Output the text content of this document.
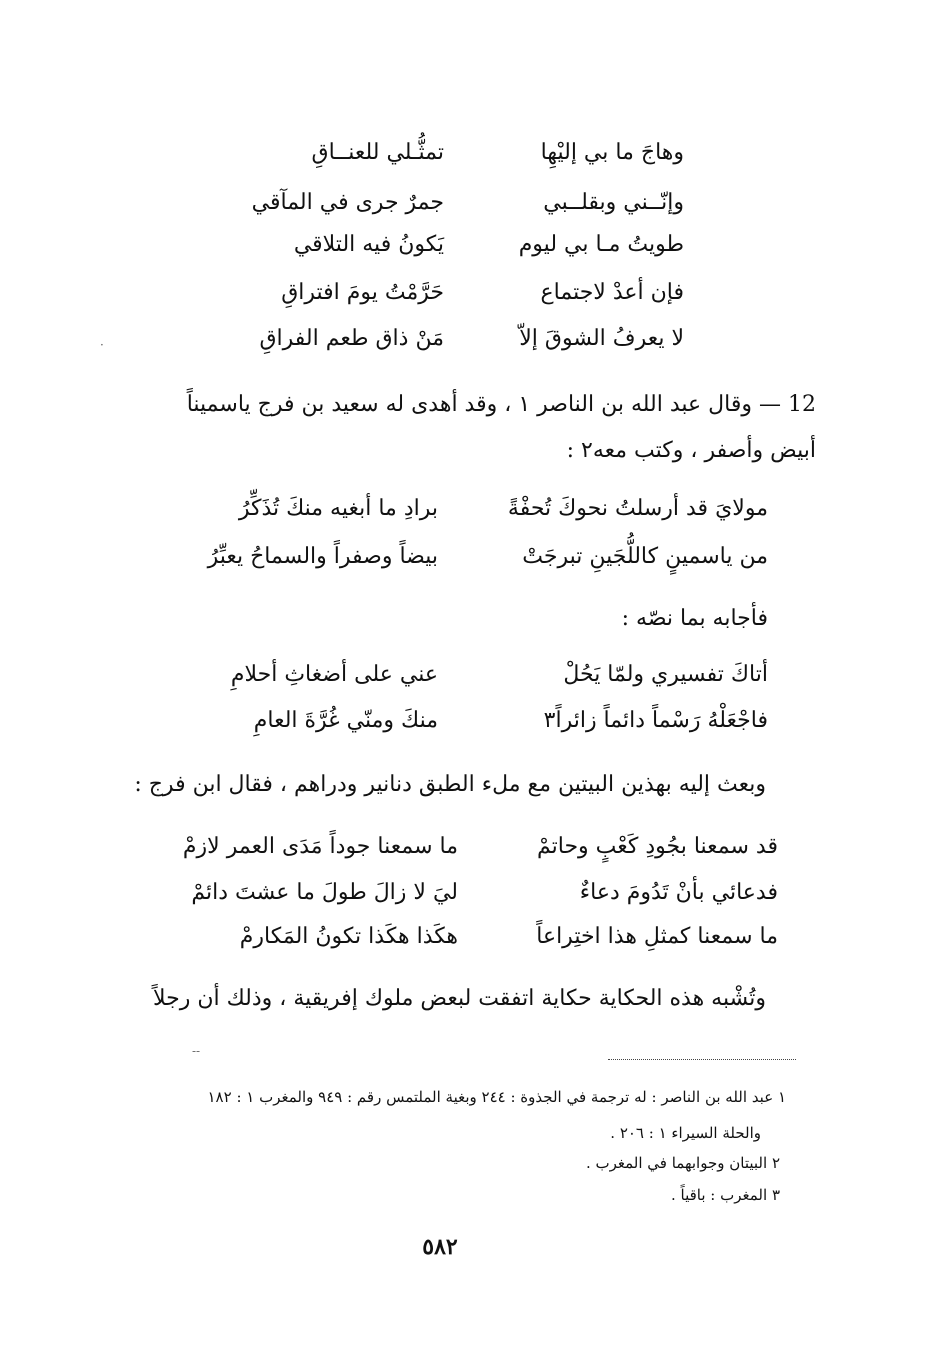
وهاجَ ما بي إليْهِا
تمثُّـلي للعنــاقِ
وإنّــني وبقلــبي
جمرٌ جرى في المآقي
طويتُ مـا بي ليوم
يَكونُ فيه التلاقي
فإن أعدْ لاجتماع
حَرَّمْتُ يومَ افتراقِ
لا يعرفُ الشوقَ إلاّ
مَنْ ذاق طعم الفراقِ
·
12 — وقال عبد الله بن الناصر ١ ، وقد أهدى له سعيد بن فرج ياسميناً
أبيض وأصفر ، وكتب معه٢ :
مولايَ قد أرسلتُ نحوكَ تُحفْةً
برادِ ما أبغيه منكَ تُذَكِّرُ
من ياسمينٍ كاللُّجَينِ تبرجَتْ
بيضاً وصفراً والسماحُ يعبِّرُ
فأجابه بما نصّه :
أتاكَ تفسيري ولمّا يَحُلْ
عني على أضغاثِ أحلامِ
فاجْعَلْهُ رَسْماً دائماً زائراً٣
منكَ ومنّي غُرَّةَ العامِ
وبعث إليه بهذين البيتين مع ملء الطبق دنانير ودراهم ، فقال ابن فرج :
قد سمعنا بجُودِ كَعْبٍ وحاتمْ
ما سمعنا جوداً مَدَى العمر لازمْ
فدعائي بأنْ تَدُومَ دعاءٌ
ليَ لا زالَ طولَ ما عشتَ دائمْ
ما سمعنا كمثلِ هذا اختِراعاً
هكَذا هكَذا تكونُ المَكارمْ
وتُشْبه هذه الحكاية حكاية اتفقت لبعض ملوك إفريقية ، وذلك أن رجلاً
-‐
١ عبد الله بن الناصر : له ترجمة في الجذوة : ٢٤٤ وبغية الملتمس رقم : ٩٤٩ والمغرب ١ : ١٨٢
والحلة السيراء ١ : ٢٠٦ .
٢ البيتان وجوابهما في المغرب .
٣ المغرب : باقياً .
٥٨٢
